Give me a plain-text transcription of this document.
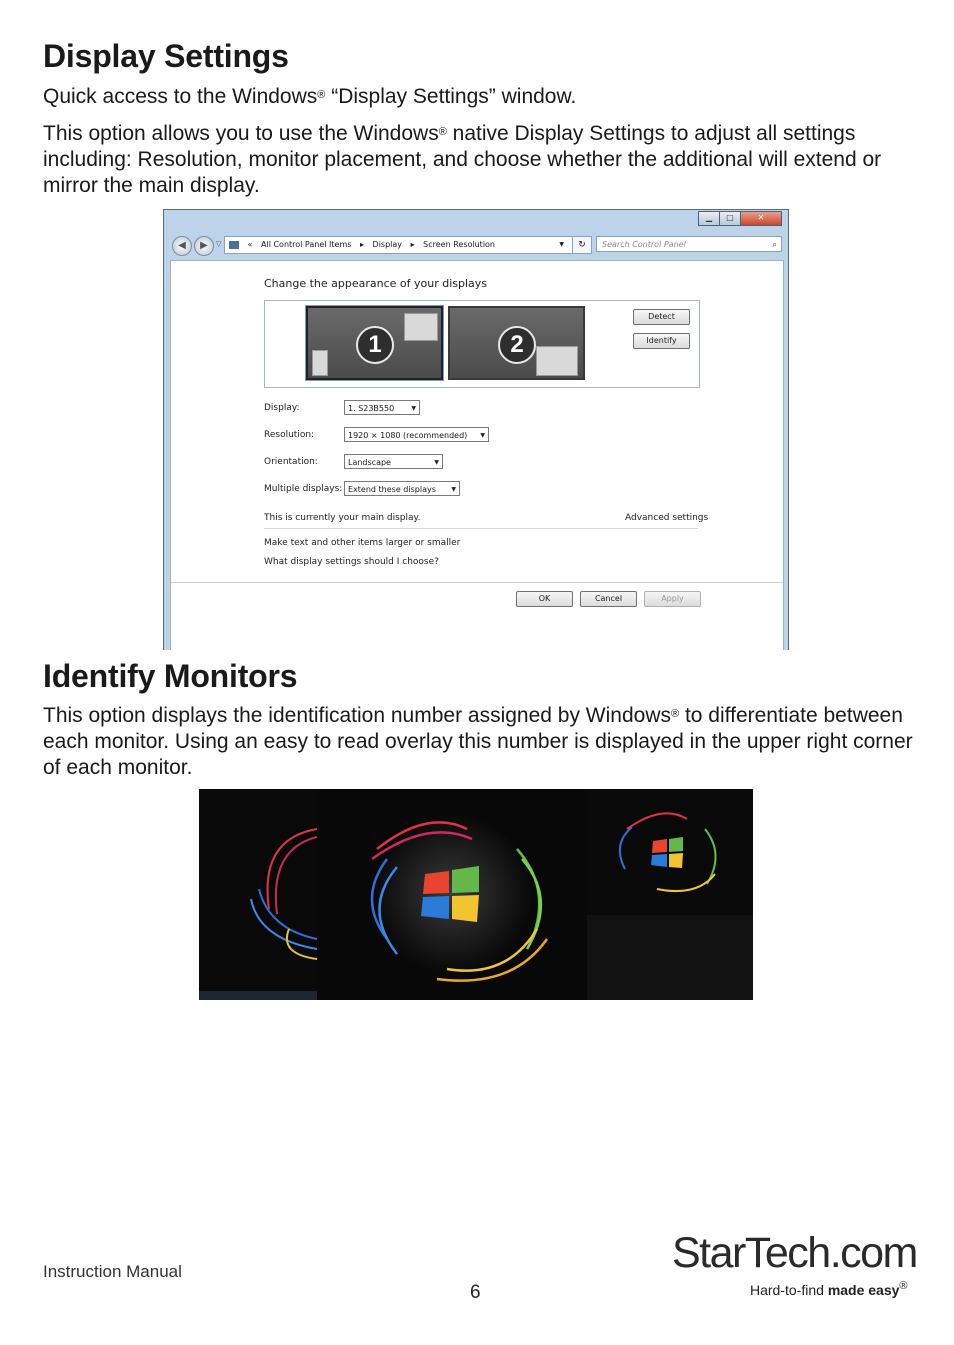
Display Settings

Quick access to the Windows® “Display Settings” window.

This option allows you to use the Windows® native Display Settings to adjust all settings including: Resolution, monitor placement, and choose whether the additional will extend or mirror the main display.

▁	□	✕
◀	▶	▽	« All Control Panel Items ▸ Display ▸ Screen Resolution	▼	↻	Search Control Panel	⌕
Change the appearance of your displays
1	2
Detect
Identify
Display:	1. S23B550 ▼
Resolution:	1920 × 1080 (recommended) ▼
Orientation:	Landscape ▼
Multiple displays: Extend these displays ▼
This is currently your main display.	Advanced settings
Make text and other items larger or smaller
What display settings should I choose?
OK	Cancel	Apply
Identify Monitors

This option displays the identification number assigned by Windows® to differentiate between each monitor. Using an easy to read overlay this number is displayed in the upper right corner of each monitor.

Instruction Manual
6
StarTech.com
Hard-to-find made easy®
